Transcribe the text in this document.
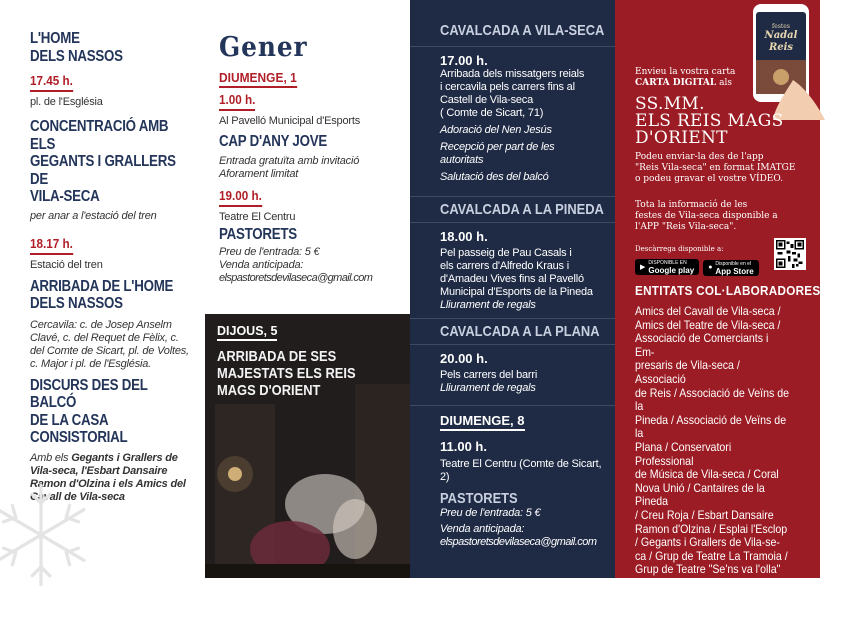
L'HOME
DELS NASSOS
17.45 h.
pl. de l'Església
CONCENTRACIÓ AMB ELS
GEGANTS I GRALLERS DE
VILA-SECA
per anar a l'estació del tren
18.17 h.
Estació del tren
ARRIBADA DE L'HOME
DELS NASSOS
Cercavila: c. de Josep Anselm
Clavé, c. del Requet de Fèlix, c.
del Comte de Sicart, pl. de Voltes,
c. Major i pl. de l'Església.
DISCURS DES DEL BALCÓ
DE LA CASA CONSISTORIAL
Amb els Gegants i Grallers de
Vila-seca, l'Esbart Dansaire
Ramon d'Olzina i els Amics del
Cavall de Vila-seca
Gener
DIUMENGE, 1
1.00 h.
Al Pavelló Municipal d'Esports
CAP D'ANY JOVE
Entrada gratuïta amb invitació
Aforament limitat
19.00 h.
Teatre El Centru
PASTORETS
Preu de l'entrada: 5 €
Venda anticipada:
elspastoretsdevilaseca@gmail.com
DIJOUS, 5
ARRIBADA DE SES
MAJESTATS ELS REIS
MAGS D'ORIENT
CAVALCADA A VILA-SECA
17.00 h.
Arribada dels missatgers reials
i cercavila pels carrers fins al
Castell de Vila-seca
( Comte de Sicart, 71)
Adoració del Nen Jesús
Recepció per part de les
autoritats
Salutació des del balcó
CAVALCADA A LA PINEDA
18.00 h.
Pel passeig de Pau Casals i
els carrers d'Alfredo Kraus i
d'Amadeu Vives fins al Pavelló
Municipal d'Esports de la Pineda
Lliurament de regals
CAVALCADA A LA PLANA
20.00 h.
Pels carrers del barri
Lliurament de regals
DIUMENGE, 8
11.00 h.
Teatre El Centru (Comte de Sicart, 2)
PASTORETS
Preu de l'entrada: 5 €
Venda anticipada:
elspastoretsdevilaseca@gmail.com
festes
Nadal
Reis
Envieu la vostra carta
CARTA DIGITAL als
SS.MM.
ELS REIS MAGS
D'ORIENT
Podeu enviar-la des de l'app
"Reis Vila-seca" en format IMATGE
o podeu gravar el vostre VÍDEO.
Tota la informació de les
festes de Vila-seca disponible a
l'APP "Reis Vila-seca".
Descàrrega disponible a:
▶
DISPONIBLE EN
Google play ●
Disponible en el
App Store
ENTITATS COL·LABORADORES
Amics del Cavall de Vila-seca /
Amics del Teatre de Vila-seca /
Associació de Comerciants i Em-
presaris de Vila-seca / Associació
de Reis / Associació de Veïns de la
Pineda / Associació de Veïns de la
Plana / Conservatori Professional
de Música de Vila-seca / Coral
Nova Unió / Cantaires de la Pineda
/ Creu Roja / Esbart Dansaire
Ramon d'Olzina / Esplai l'Esclop
/ Gegants i Grallers de Vila-se-
ca / Grup de Teatre La Tramoia /
Grup de Teatre "Se'ns va l'olla"
/ Patronat Municipal de Turisme
de Vila-seca / Punt d'Informació
Juvenil de Vila-seca / Societat El
Centru.
